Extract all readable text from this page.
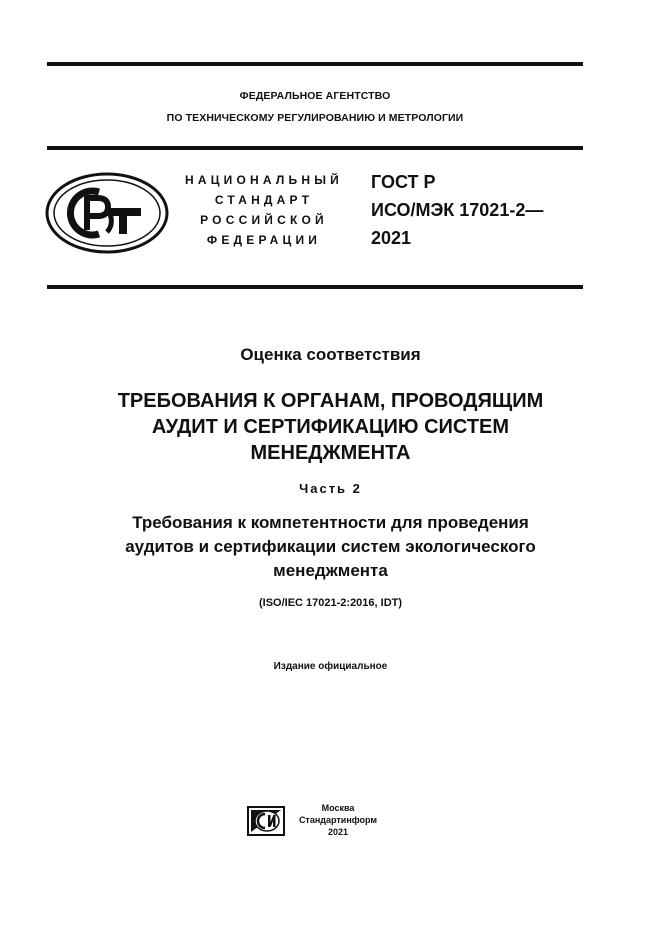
ФЕДЕРАЛЬНОЕ АГЕНТСТВО
ПО ТЕХНИЧЕСКОМУ РЕГУЛИРОВАНИЮ И МЕТРОЛОГИИ
НАЦИОНАЛЬНЫЙ
СТАНДАРТ
РОССИЙСКОЙ
ФЕДЕРАЦИИ
ГОСТ Р
ИСО/МЭК 17021-2—
2021
Оценка соответствия
ТРЕБОВАНИЯ К ОРГАНАМ, ПРОВОДЯЩИМ
АУДИТ И СЕРТИФИКАЦИЮ СИСТЕМ
МЕНЕДЖМЕНТА
Часть 2
Требования к компетентности для проведения
аудитов и сертификации систем экологического
менеджмента
(ISO/IEC 17021-2:2016, IDT)
Издание официальное
Москва
Стандартинформ
2021
